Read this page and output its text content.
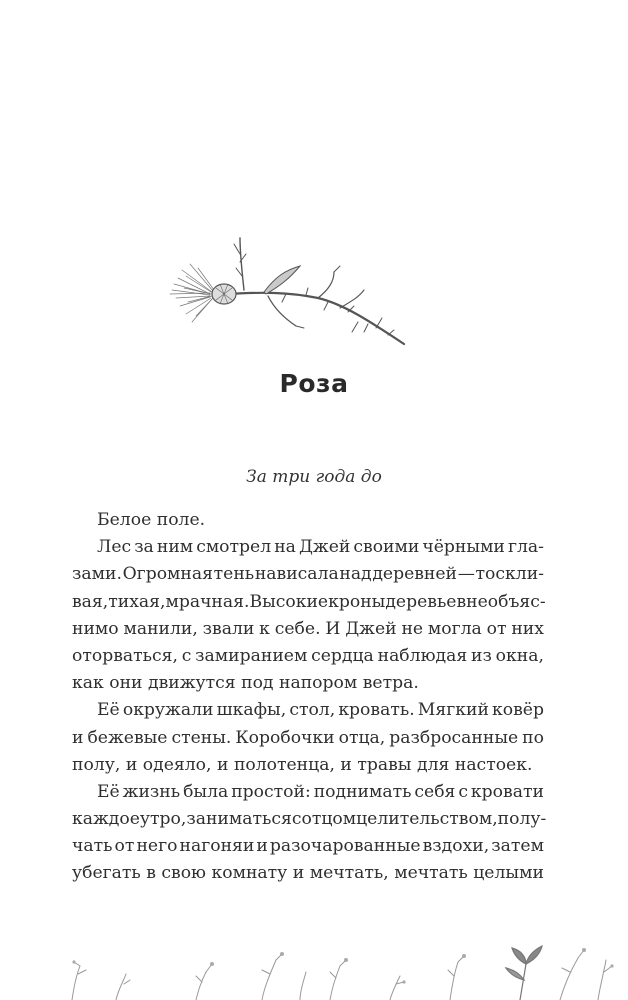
Роза
За три года до
Белое поле.
Лес за ним смотрел на Джей своими чёрными гла-
зами. Огромная тень нависала над деревней — тоскли-
вая, тихая, мрачная. Высокие кроны деревьев необъяс-
нимо манили, звали к себе. И Джей не могла от них
оторваться, с замиранием сердца наблюдая из окна,
как они движутся под напором ветра.
Её окружали шкафы, стол, кровать. Мягкий ковёр
и бежевые стены. Коробочки отца, разбросанные по
полу, и одеяло, и полотенца, и травы для настоек.
Её жизнь была простой: поднимать себя с кровати
каждое утро, заниматься с отцом целительством, полу-
чать от него нагоняи и разочарованные вздохи, затем
убегать в свою комнату и мечтать, мечтать целыми
